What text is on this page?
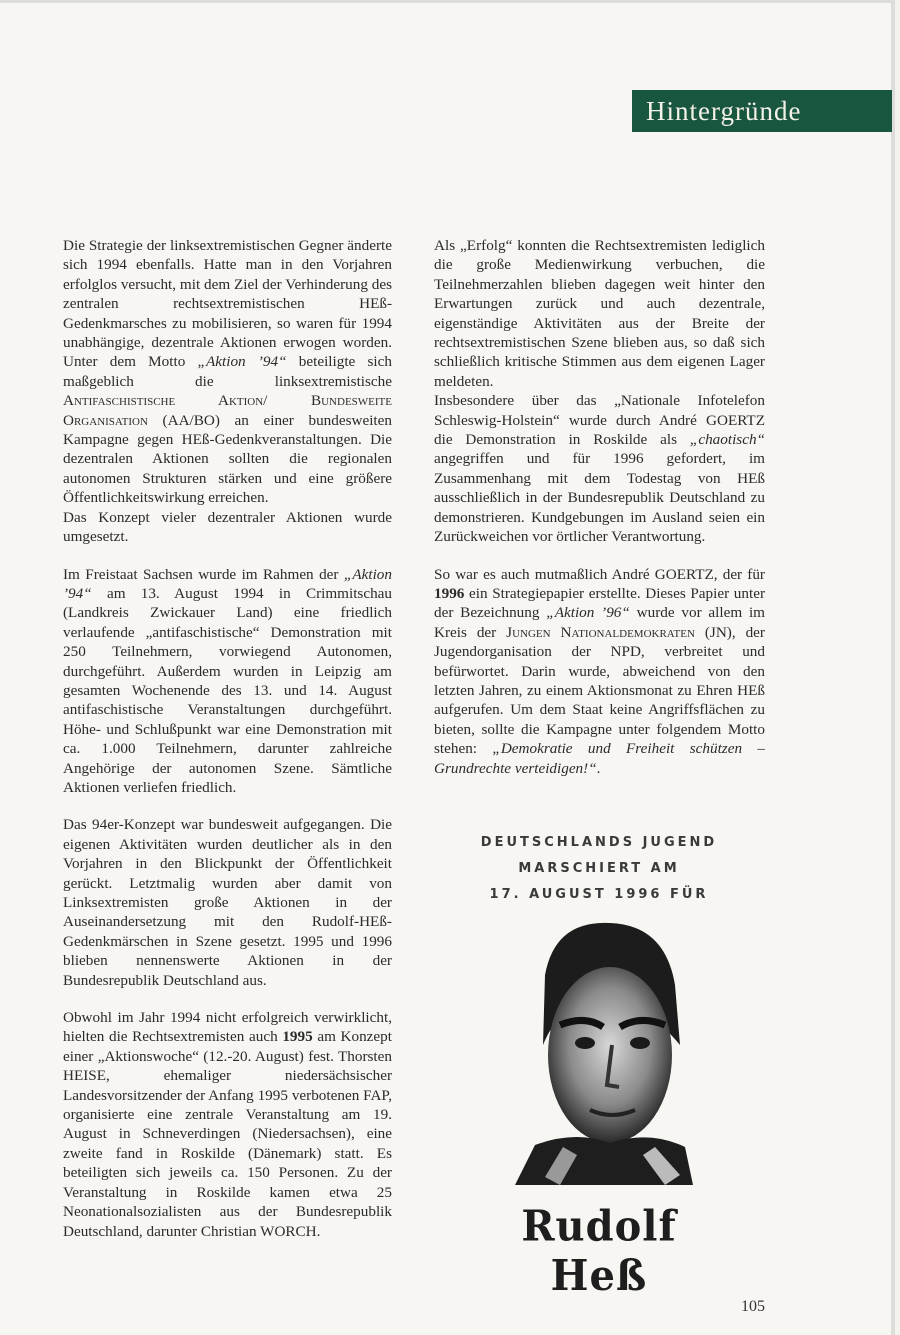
Hintergründe

Die Strategie der linksextremistischen Gegner änderte sich 1994 ebenfalls. Hatte man in den Vorjahren erfolglos versucht, mit dem Ziel der Verhinderung des zentralen rechtsextremistischen HEß-Gedenkmarsches zu mobilisieren, so waren für 1994 unabhängige, dezentrale Aktionen erwogen worden. Unter dem Motto „Aktion ’94“ beteiligte sich maßgeblich die linksextremistische Antifaschistische Aktion/ Bundesweite Organisation (AA/BO) an einer bundesweiten Kampagne gegen HEß-Gedenkveranstaltungen. Die dezentralen Aktionen sollten die regionalen autonomen Strukturen stärken und eine größere Öffentlichkeitswirkung erreichen.

Das Konzept vieler dezentraler Aktionen wurde umgesetzt.

Im Freistaat Sachsen wurde im Rahmen der „Aktion ’94“ am 13. August 1994 in Crimmitschau (Landkreis Zwickauer Land) eine friedlich verlaufende „antifaschistische“ Demonstration mit 250 Teilnehmern, vorwiegend Autonomen, durchgeführt. Außerdem wurden in Leipzig am gesamten Wochenende des 13. und 14. August antifaschistische Veranstaltungen durchgeführt. Höhe- und Schlußpunkt war eine Demonstration mit ca. 1.000 Teilnehmern, darunter zahlreiche Angehörige der autonomen Szene. Sämtliche Aktionen verliefen friedlich.

Das 94er-Konzept war bundesweit aufgegangen. Die eigenen Aktivitäten wurden deutlicher als in den Vorjahren in den Blickpunkt der Öffentlichkeit gerückt. Letztmalig wurden aber damit von Linksextremisten große Aktionen in der Auseinandersetzung mit den Rudolf-HEß-Gedenkmärschen in Szene gesetzt. 1995 und 1996 blieben nennenswerte Aktionen in der Bundesrepublik Deutschland aus.

Obwohl im Jahr 1994 nicht erfolgreich verwirklicht, hielten die Rechtsextremisten auch 1995 am Konzept einer „Aktionswoche“ (12.-20. August) fest. Thorsten HEISE, ehemaliger niedersächsischer Landesvorsitzender der Anfang 1995 verbotenen FAP, organisierte eine zentrale Veranstaltung am 19. August in Schneverdingen (Niedersachsen), eine zweite fand in Roskilde (Dänemark) statt. Es beteiligten sich jeweils ca. 150 Personen. Zu der Veranstaltung in Roskilde kamen etwa 25 Neonationalsozialisten aus der Bundesrepublik Deutschland, darunter Christian WORCH.

Als „Erfolg“ konnten die Rechtsextremisten lediglich die große Medienwirkung verbuchen, die Teilnehmerzahlen blieben dagegen weit hinter den Erwartungen zurück und auch dezentrale, eigenständige Aktivitäten aus der Breite der rechtsextremistischen Szene blieben aus, so daß sich schließlich kritische Stimmen aus dem eigenen Lager meldeten.

Insbesondere über das „Nationale Infotelefon Schleswig-Holstein“ wurde durch André GOERTZ die Demonstration in Roskilde als „chaotisch“ angegriffen und für 1996 gefordert, im Zusammenhang mit dem Todestag von HEß ausschließlich in der Bundesrepublik Deutschland zu demonstrieren. Kundgebungen im Ausland seien ein Zurückweichen vor örtlicher Verantwortung.

So war es auch mutmaßlich André GOERTZ, der für 1996 ein Strategiepapier erstellte. Dieses Papier unter der Bezeichnung „Aktion ’96“ wurde vor allem im Kreis der Jungen Nationaldemokraten (JN), der Jugendorganisation der NPD, verbreitet und befürwortet. Darin wurde, abweichend von den letzten Jahren, zu einem Aktionsmonat zu Ehren HEß aufgerufen. Um dem Staat keine Angriffsflächen zu bieten, sollte die Kampagne unter folgendem Motto stehen: „Demokratie und Freiheit schützen – Grundrechte verteidigen!“.

DEUTSCHLANDS JUGEND
MARSCHIERT AM
17. AUGUST 1996 FÜR
Rudolf Heß
105
